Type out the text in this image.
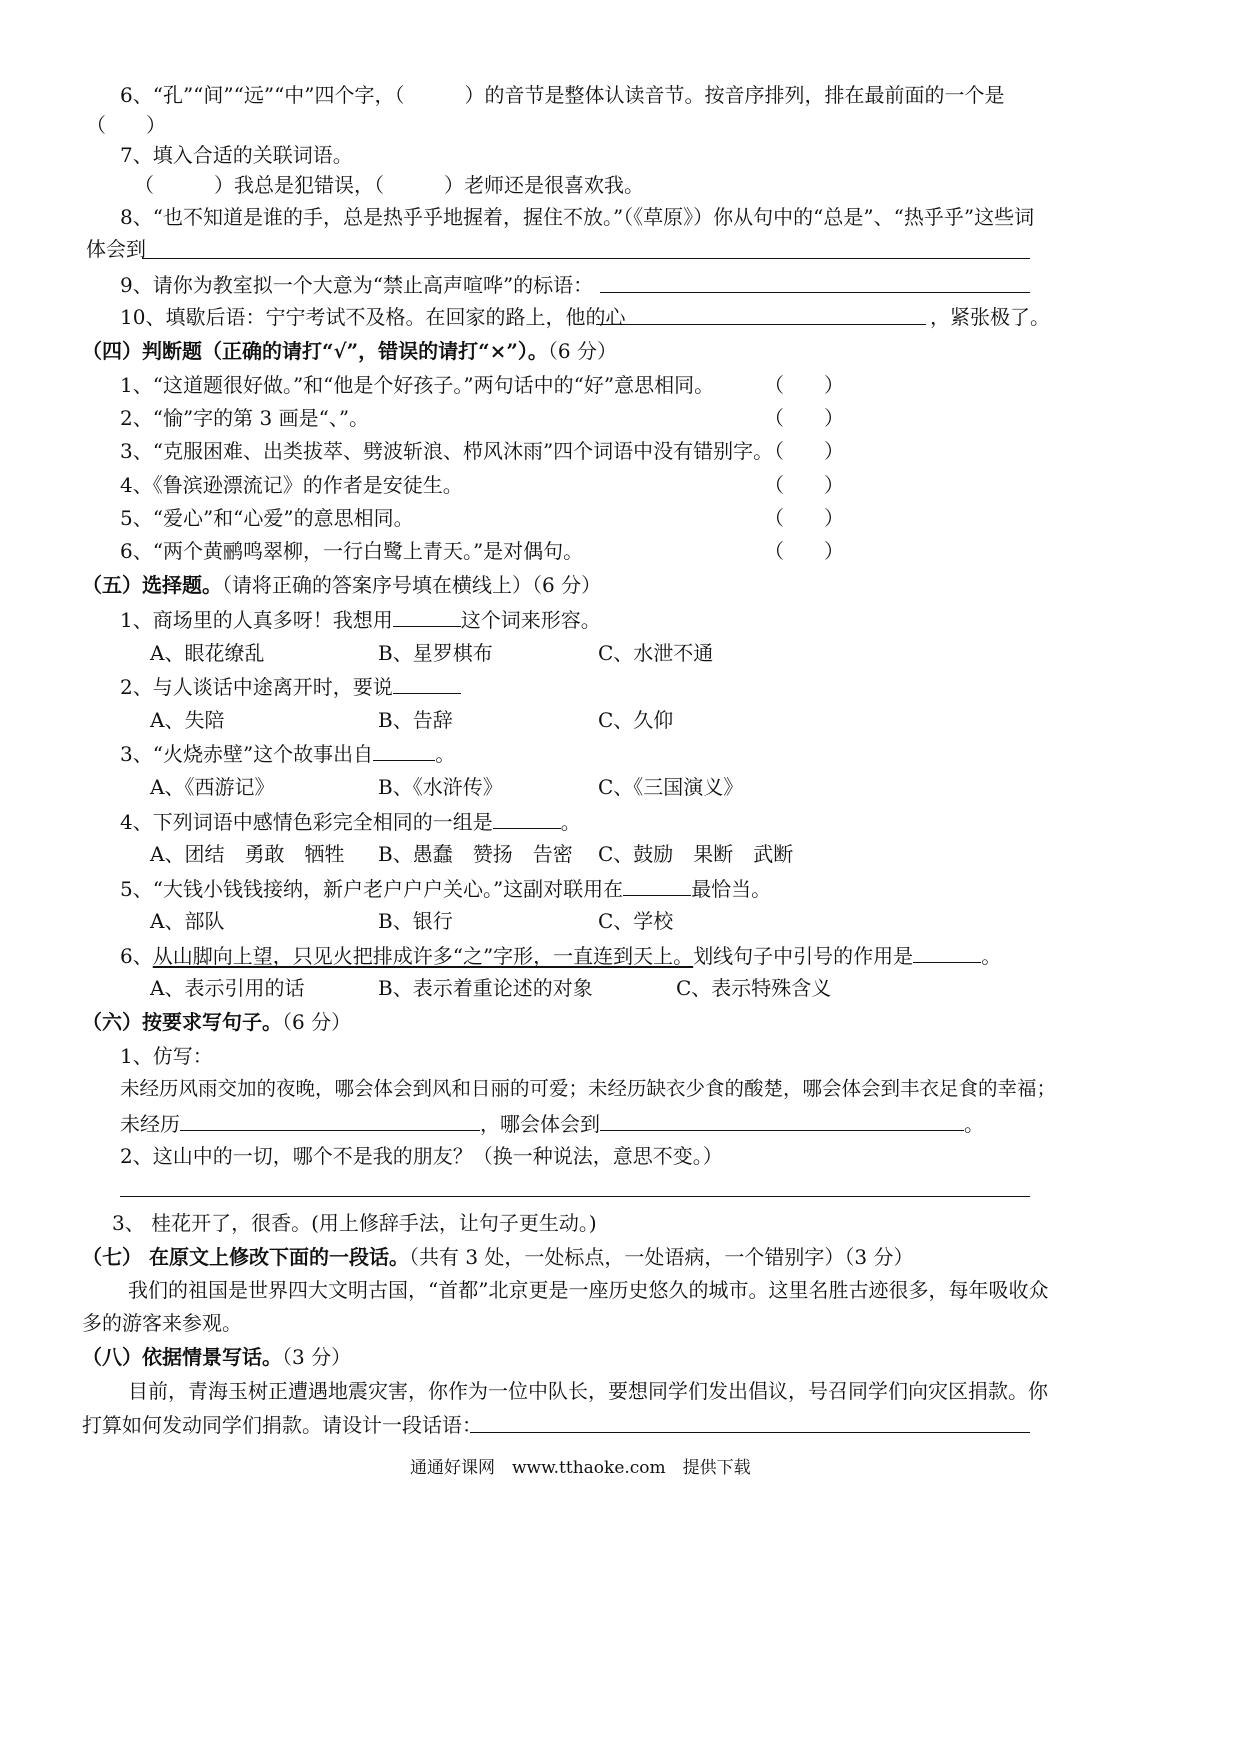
6、“孔”“间”“远”“中”四个字，（　　　）的音节是整体认读音节。按音序排列，排在最前面的一个是
（　　）
7、填入合适的关联词语。
（　　　）我总是犯错误，（　　　）老师还是很喜欢我。
8、“也不知道是谁的手，总是热乎乎地握着，握住不放。”（《草原》）你从句中的“总是”、“热乎乎”这些词
体会到
9、请你为教室拟一个大意为“禁止高声喧哗”的标语：
10、填歇后语：宁宁考试不及格。在回家的路上，他的心	，紧张极了。
（四）判断题（正确的请打“√”，错误的请打“×”）。（6 分）
1、“这道题很好做。”和“他是个好孩子。”两句话中的“好”意思相同。 （　　）
2、“愉”字的第 3 画是“、”。	（　　）
3、“克服困难、出类拔萃、劈波斩浪、栉风沐雨”四个词语中没有错别字。
（　　）
4、《鲁滨逊漂流记》的作者是安徒生。	（　　）
5、“爱心”和“心爱”的意思相同。	（　　）
6、“两个黄鹂鸣翠柳，一行白鹭上青天。”是对偶句。	（　　）
（五）选择题。（请将正确的答案序号填在横线上）（6 分）
1、商场里的人真多呀！我想用	这个词来形容。
A、眼花缭乱	B、星罗棋布	C、水泄不通
2、与人谈话中途离开时，要说
A、失陪	B、告辞	C、久仰
3、“火烧赤壁”这个故事出自	。
A、《西游记》	B、《水浒传》	C、《三国演义》
4、下列词语中感情色彩完全相同的一组是	。
A、团结　勇敢　牺牲 B、愚蠢　赞扬　告密 C、鼓励　果断　武断
5、“大钱小钱钱接纳，新户老户户户关心。”这副对联用在	最恰当。
A、部队	B、银行	C、学校
6、从山脚向上望，只见火把排成许多“之”字形，一直连到天上。划线句子中引号的作用是	。
A、表示引用的话	B、表示着重论述的对象	C、表示特殊含义
（六）按要求写句子。（6 分）
1、仿写：
未经历风雨交加的夜晚，哪会体会到风和日丽的可爱；未经历缺衣少食的酸楚，哪会体会到丰衣足食的幸福；
未经历	，哪会体会到	。
2、这山中的一切，哪个不是我的朋友？（换一种说法，意思不变。）
3、 桂花开了，很香。(用上修辞手法，让句子更生动。)
（七） 在原文上修改下面的一段话。（共有 3 处，一处标点，一处语病，一个错别字）（3 分）
我们的祖国是世界四大文明古国，“首都”北京更是一座历史悠久的城市。这里名胜古迹很多，每年吸收众
多的游客来参观。
（八）依据情景写话。（3 分）
目前，青海玉树正遭遇地震灾害，你作为一位中队长，要想同学们发出倡议，号召同学们向灾区捐款。你
打算如何发动同学们捐款。请设计一段话语：
通通好课网　www.tthaoke.com　提供下载
